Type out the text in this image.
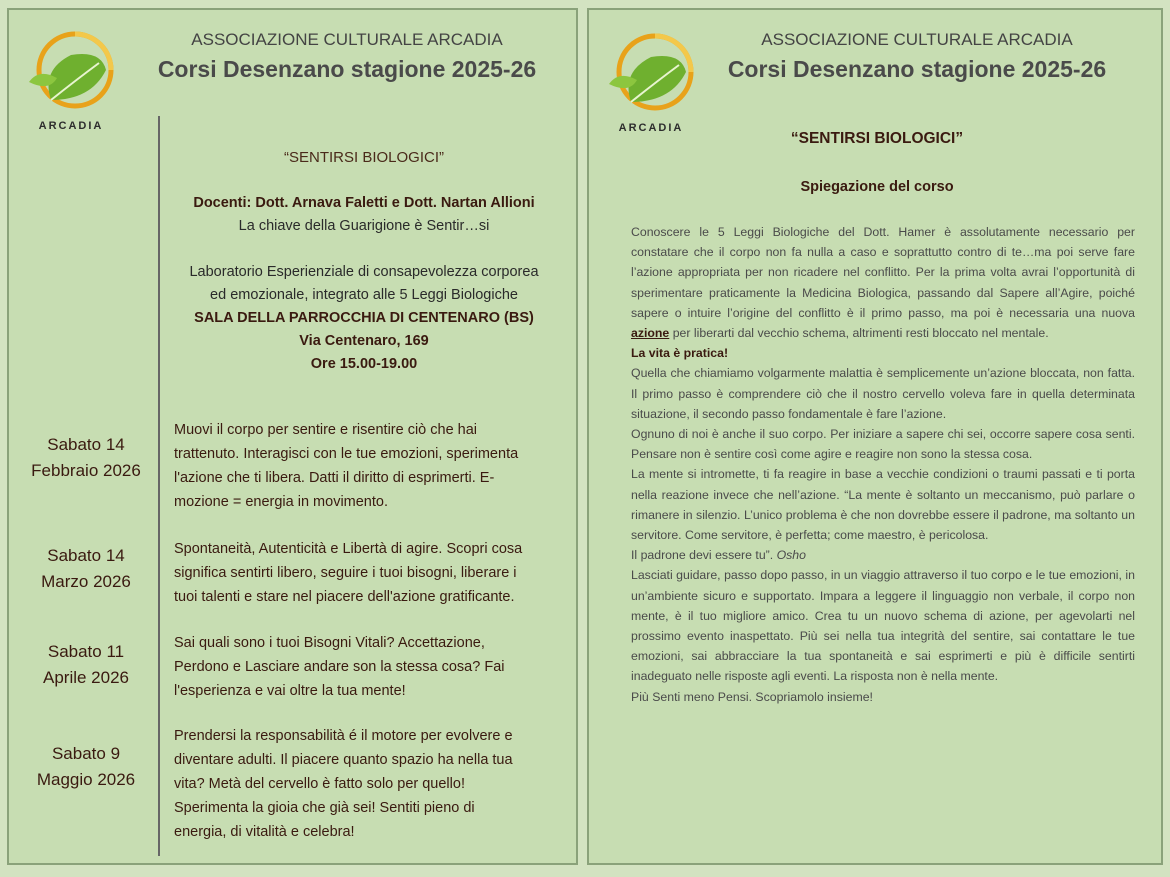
ARCADIA
ASSOCIAZIONE CULTURALE ARCADIA
Corsi Desenzano stagione 2025-26
“SENTIRSI BIOLOGICI”
Docenti: Dott. Arnava Faletti e Dott. Nartan Allioni
La chiave della Guarigione è Sentir…si
Laboratorio Esperienziale di consapevolezza corporea
ed emozionale, integrato alle 5 Leggi Biologiche
SALA DELLA PARROCCHIA DI CENTENARO (BS)
Via Centenaro, 169
Ore 15.00-19.00
Sabato 14
Febbraio 2026
Muovi il corpo per sentire e risentire ciò che hai
trattenuto. Interagisci con le tue emozioni, sperimenta
l'azione che ti libera. Datti il diritto di esprimerti. E-
mozione = energia in movimento.
Sabato 14
Marzo 2026
Spontaneità, Autenticità e Libertà di agire. Scopri cosa
significa sentirti libero, seguire i tuoi bisogni, liberare i
tuoi talenti e stare nel piacere dell'azione gratificante.
Sabato 11
Aprile 2026
Sai quali sono i tuoi Bisogni Vitali? Accettazione,
Perdono e Lasciare andare son la stessa cosa? Fai
l'esperienza e vai oltre la tua mente!
Sabato 9
Maggio 2026
Prendersi la responsabilità é il motore per evolvere e
diventare adulti. Il piacere quanto spazio ha nella tua
vita? Metà del cervello è fatto solo per quello!
Sperimenta la gioia che già sei! Sentiti pieno di
energia, di vitalità e celebra!
ARCADIA
ASSOCIAZIONE CULTURALE ARCADIA
Corsi Desenzano stagione 2025-26
“SENTIRSI BIOLOGICI”
Spiegazione del corso

Conoscere le 5 Leggi Biologiche del Dott. Hamer è assolutamente necessario per constatare che il corpo non fa nulla a caso e soprattutto contro di te…ma poi serve fare l’azione appropriata per non ricadere nel conflitto. Per la prima volta avrai l’opportunità di sperimentare praticamente la Medicina Biologica, passando dal Sapere all’Agire, poiché sapere o intuire l’origine del conflitto è il primo passo, ma poi è necessaria una nuova azione per liberarti dal vecchio schema, altrimenti resti bloccato nel mentale.

La vita è pratica!

Quella che chiamiamo volgarmente malattia è semplicemente un’azione bloccata, non fatta. Il primo passo è comprendere ciò che il nostro cervello voleva fare in quella determinata situazione, il secondo passo fondamentale è fare l’azione.

Ognuno di noi è anche il suo corpo. Per iniziare a sapere chi sei, occorre sapere cosa senti. Pensare non è sentire così come agire e reagire non sono la stessa cosa.

La mente si intromette, ti fa reagire in base a vecchie condizioni o traumi passati e ti porta nella reazione invece che nell’azione. “La mente è soltanto un meccanismo, può parlare o rimanere in silenzio. L’unico problema è che non dovrebbe essere il padrone, ma soltanto un servitore. Come servitore, è perfetta; come maestro, è pericolosa.

Il padrone devi essere tu”. Osho

Lasciati guidare, passo dopo passo, in un viaggio attraverso il tuo corpo e le tue emozioni, in un’ambiente sicuro e supportato. Impara a leggere il linguaggio non verbale, il corpo non mente, è il tuo migliore amico. Crea tu un nuovo schema di azione, per agevolarti nel prossimo evento inaspettato. Più sei nella tua integrità del sentire, sai contattare le tue emozioni, sai abbracciare la tua spontaneità e sai esprimerti e più è difficile sentirti inadeguato nelle risposte agli eventi. La risposta non è nella mente.

Più Senti meno Pensi. Scopriamolo insieme!
